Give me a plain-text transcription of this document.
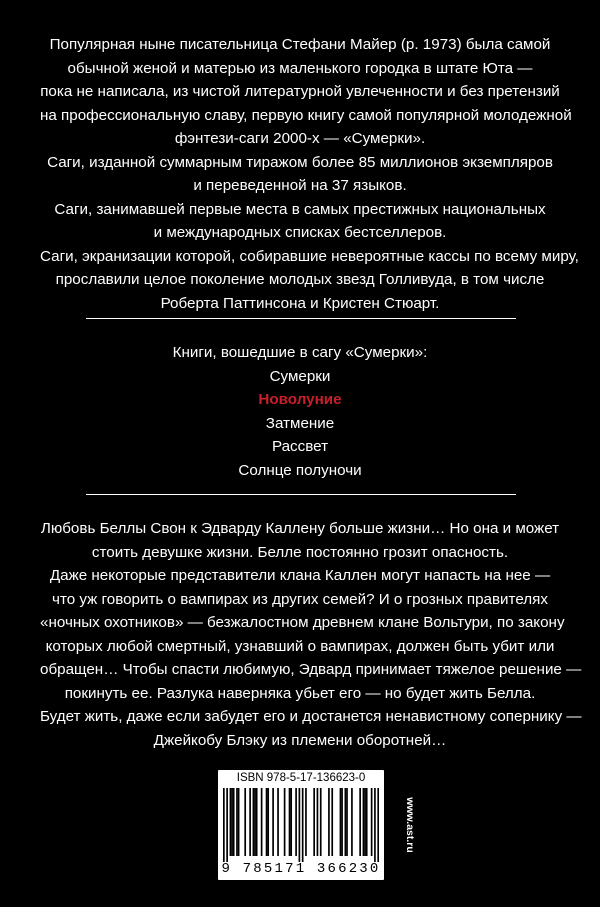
Популярная ныне писательница Стефани Майер (р. 1973) была самой
обычной женой и матерью из маленького городка в штате Юта —
пока не написала, из чистой литературной увлеченности и без претензий
на профессиональную славу, первую книгу самой популярной молодежной
фэнтези-саги 2000-х — «Сумерки».
Саги, изданной суммарным тиражом более 85 миллионов экземпляров
и переведенной на 37 языков.
Саги, занимавшей первые места в самых престижных национальных
и международных списках бестселлеров.
Саги, экранизации которой, собиравшие невероятные кассы по всему миру,
прославили целое поколение молодых звезд Голливуда, в том числе
Роберта Паттинсона и Кристен Стюарт.
Книги, вошедшие в сагу «Сумерки»:
Сумерки
Новолуние
Затмение
Рассвет
Солнце полуночи
Любовь Беллы Свон к Эдварду Каллену больше жизни… Но она и может
стоить девушке жизни. Белле постоянно грозит опасность.
Даже некоторые представители клана Каллен могут напасть на нее —
что уж говорить о вампирах из других семей? И о грозных правителях
«ночных охотников» — безжалостном древнем клане Вольтури, по закону
которых любой смертный, узнавший о вампирах, должен быть убит или
обращен… Чтобы спасти любимую, Эдвард принимает тяжелое решение —
покинуть ее. Разлука наверняка убьет его — но будет жить Белла.
Будет жить, даже если забудет его и достанется ненавистному сопернику —
Джейкобу Блэку из племени оборотней…
ISBN 978-5-17-136623-0
9 785171 366230
www.ast.ru
